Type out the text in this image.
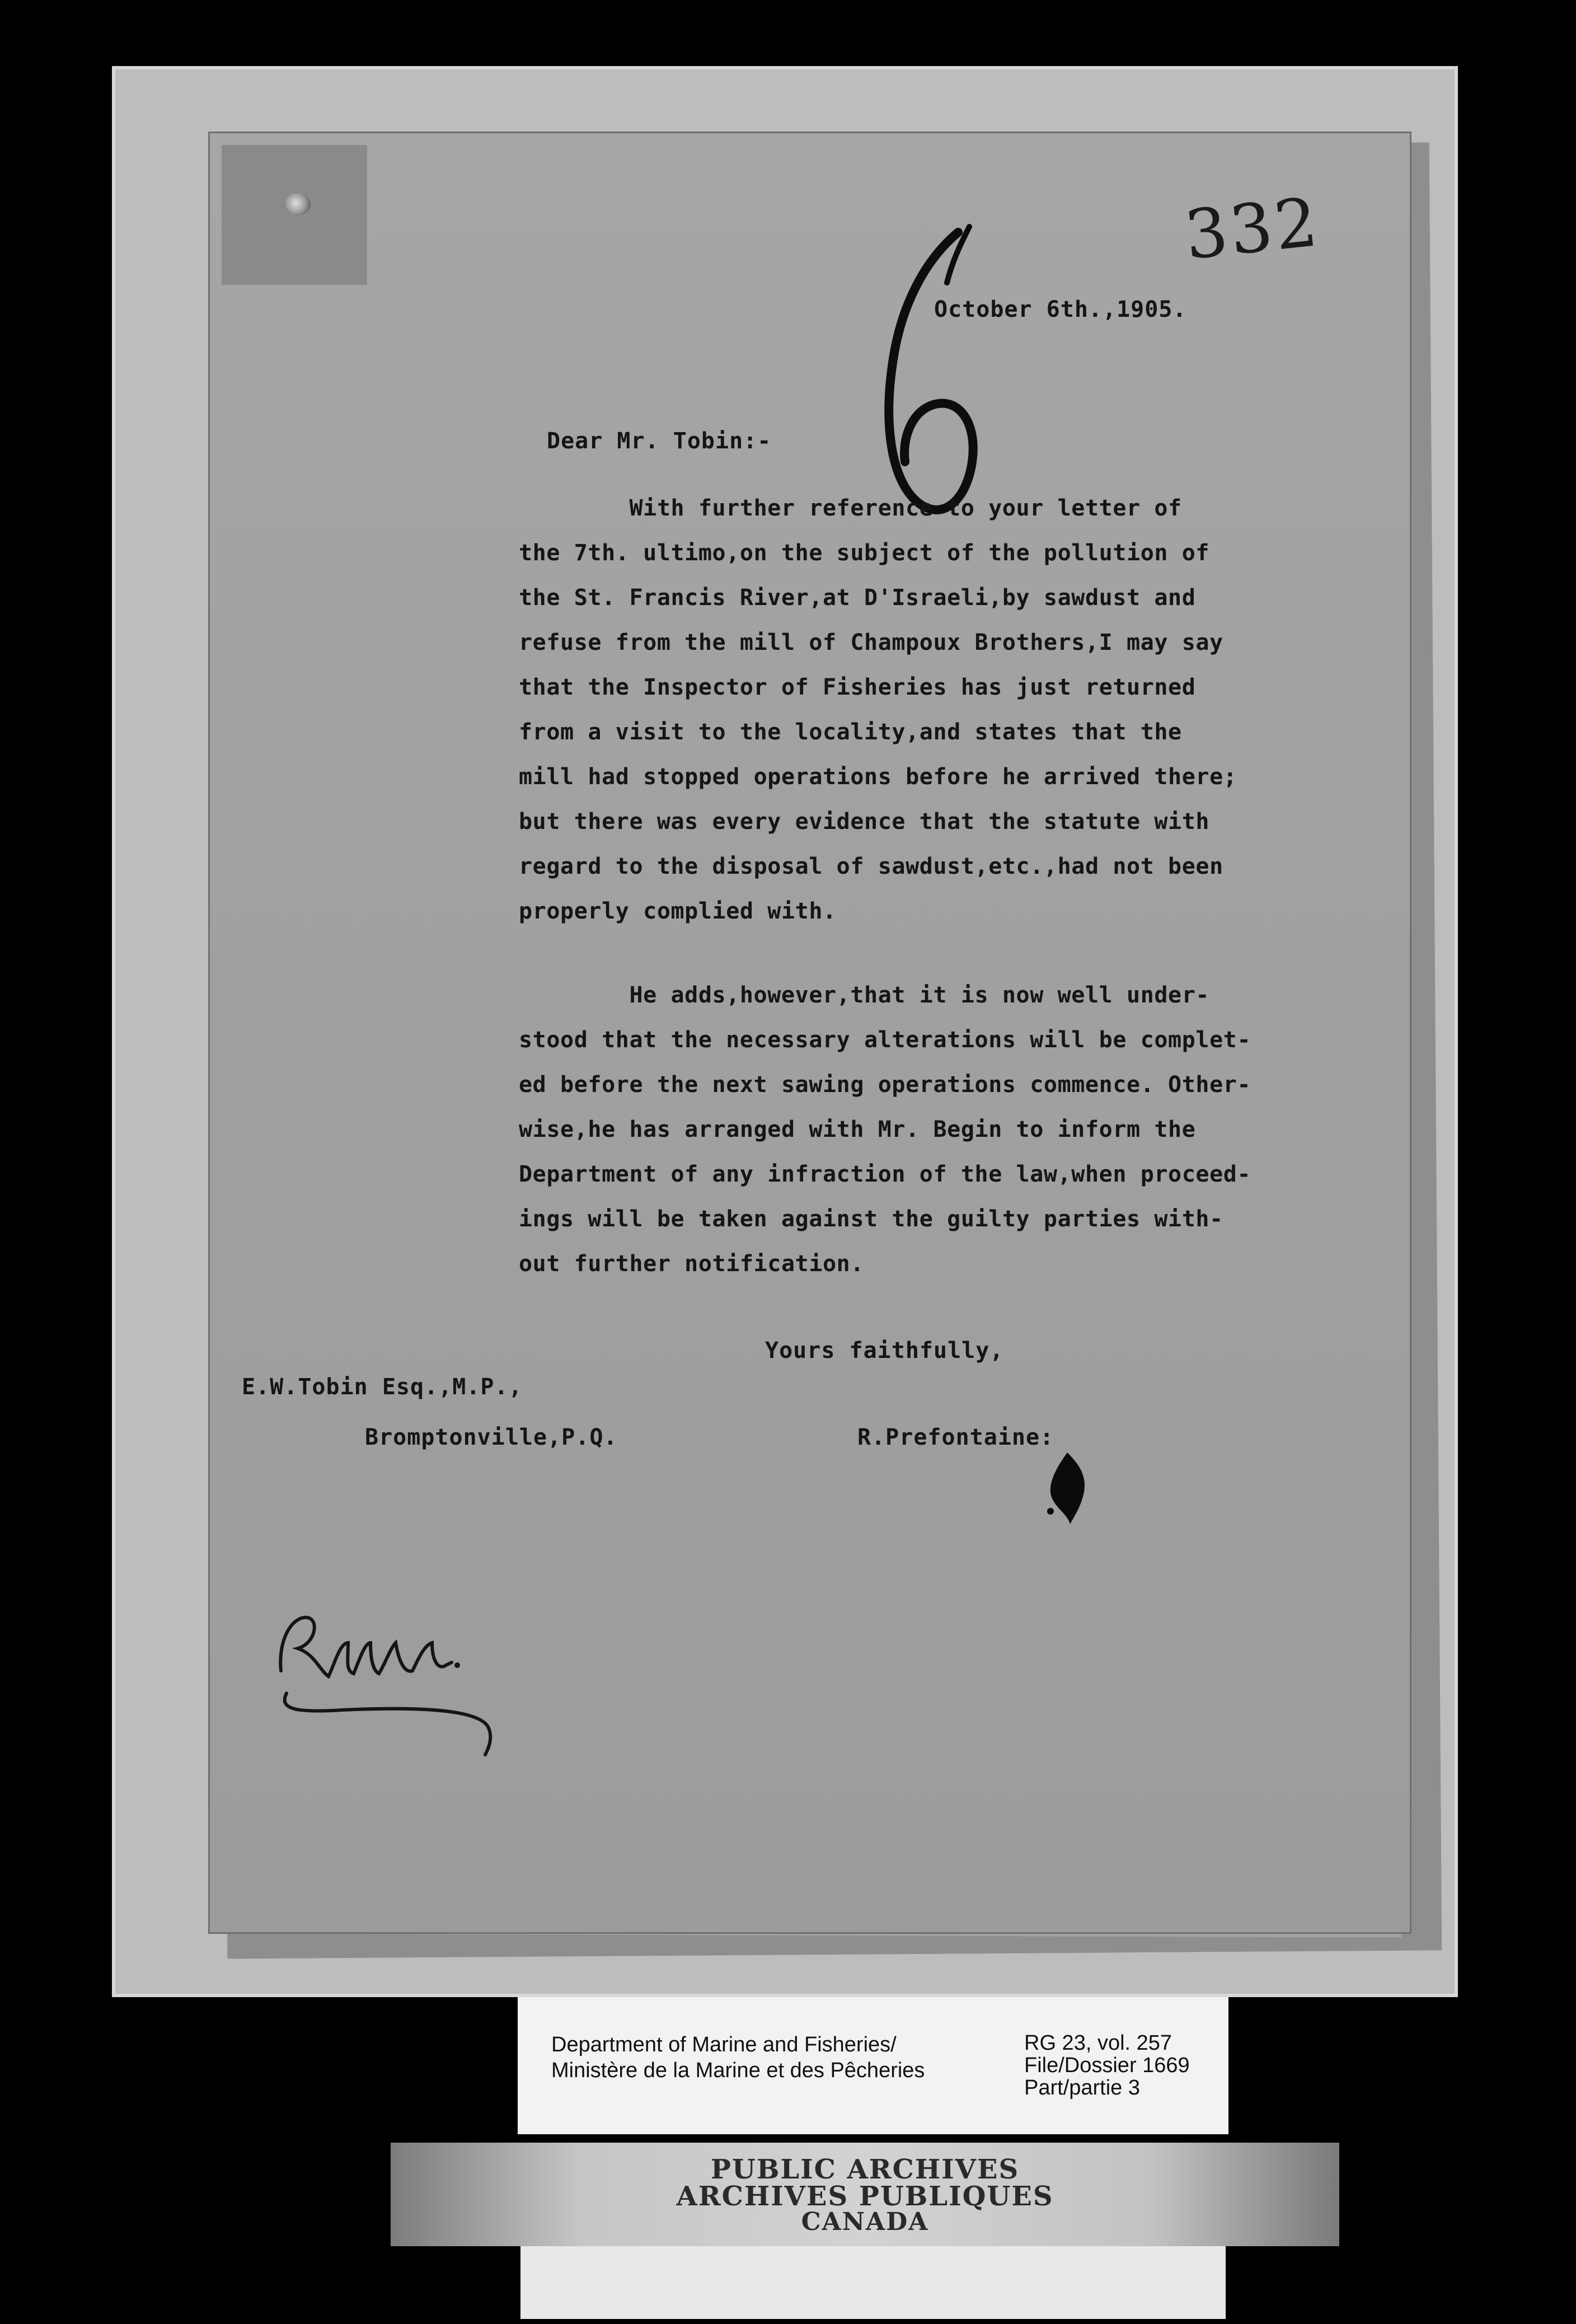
332
October 6th.,1905.
Dear Mr. Tobin:-
With further reference to your letter of
the 7th. ultimo,on the subject of the pollution of
the St. Francis River,at D'Israeli,by sawdust and
refuse from the mill of Champoux Brothers,I may say
that the Inspector of Fisheries has just returned
from a visit to the locality,and states that the
mill had stopped operations before he arrived there;
but there was every evidence that the statute with
regard to the disposal of sawdust,etc.,had not been
properly complied with.
He adds,however,that it is now well under-
stood that the necessary alterations will be complet-
ed before the next sawing operations commence. Other-
wise,he has arranged with Mr. Begin to inform the
Department of any infraction of the law,when proceed-
ings will be taken against the guilty parties with-
out further notification.
Yours faithfully,
E.W.Tobin Esq.,M.P.,
Bromptonville,P.Q.	R.Prefontaine:
Department of Marine and Fisheries/
Ministère de la Marine et des Pêcheries
RG 23, vol. 257
File/Dossier 1669
Part/partie 3
PUBLIC ARCHIVES
ARCHIVES PUBLIQUES
CANADA
